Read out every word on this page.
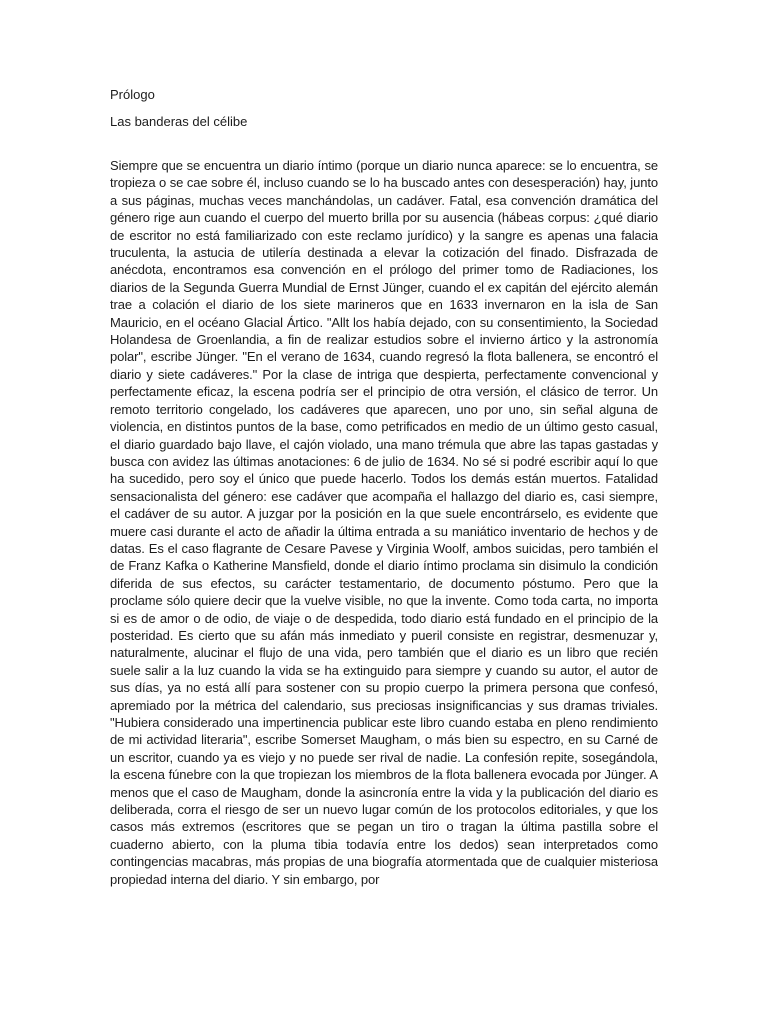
Prólogo

Las banderas del célibe

Siempre que se encuentra un diario íntimo (porque un diario nunca aparece: se lo encuentra, se tropieza o se cae sobre él, incluso cuando se lo ha buscado antes con desesperación) hay, junto a sus páginas, muchas veces manchándolas, un cadáver. Fatal, esa convención dramática del género rige aun cuando el cuerpo del muerto brilla por su ausencia (hábeas corpus: ¿qué diario de escritor no está familiarizado con este reclamo jurídico) y la sangre es apenas una falacia truculenta, la astucia de utilería destinada a elevar la cotización del finado. Disfrazada de anécdota, encontramos esa convención en el prólogo del primer tomo de Radiaciones, los diarios de la Segunda Guerra Mundial de Ernst Jünger, cuando el ex capitán del ejército alemán trae a colación el diario de los siete marineros que en 1633 invernaron en la isla de San Mauricio, en el océano Glacial Ártico. "Allt los había dejado, con su consentimiento, la Sociedad Holandesa de Groenlandia, a fin de realizar estudios sobre el invierno ártico y la astronomía polar", escribe Jünger. "En el verano de 1634, cuando regresó la flota ballenera, se encontró el diario y siete cadáveres." Por la clase de intriga que despierta, perfectamente convencional y perfectamente eficaz, la escena podría ser el principio de otra versión, el clásico de terror. Un remoto territorio congelado, los cadáveres que aparecen, uno por uno, sin señal alguna de violencia, en distintos puntos de la base, como petrificados en medio de un último gesto casual, el diario guardado bajo llave, el cajón violado, una mano trémula que abre las tapas gastadas y busca con avidez las últimas anotaciones: 6 de julio de 1634. No sé si podré escribir aquí lo que ha sucedido, pero soy el único que puede hacerlo. Todos los demás están muertos. Fatalidad sensacionalista del género: ese cadáver que acompaña el hallazgo del diario es, casi siempre, el cadáver de su autor. A juzgar por la posición en la que suele encontrárselo, es evidente que muere casi durante el acto de añadir la última entrada a su maniático inventario de hechos y de datas. Es el caso flagrante de Cesare Pavese y Virginia Woolf, ambos suicidas, pero también el de Franz Kafka o Katherine Mansfield, donde el diario íntimo proclama sin disimulo la condición diferida de sus efectos, su carácter testamentario, de documento póstumo. Pero que la proclame sólo quiere decir que la vuelve visible, no que la invente. Como toda carta, no importa si es de amor o de odio, de viaje o de despedida, todo diario está fundado en el principio de la posteridad. Es cierto que su afán más inmediato y pueril consiste en registrar, desmenuzar y, naturalmente, alucinar el flujo de una vida, pero también que el diario es un libro que recién suele salir a la luz cuando la vida se ha extinguido para siempre y cuando su autor, el autor de sus días, ya no está allí para sostener con su propio cuerpo la primera persona que confesó, apremiado por la métrica del calendario, sus preciosas insignificancias y sus dramas triviales. "Hubiera considerado una impertinencia publicar este libro cuando estaba en pleno rendimiento de mi actividad literaria", escribe Somerset Maugham, o más bien su espectro, en su Carné de un escritor, cuando ya es viejo y no puede ser rival de nadie. La confesión repite, sosegándola, la escena fúnebre con la que tropiezan los miembros de la flota ballenera evocada por Jünger. A menos que el caso de Maugham, donde la asincronía entre la vida y la publicación del diario es deliberada, corra el riesgo de ser un nuevo lugar común de los protocolos editoriales, y que los casos más extremos (escritores que se pegan un tiro o tragan la última pastilla sobre el cuaderno abierto, con la pluma tibia todavía entre los dedos) sean interpretados como contingencias macabras, más propias de una biografía atormentada que de cualquier misteriosa propiedad interna del diario. Y sin embargo, por
